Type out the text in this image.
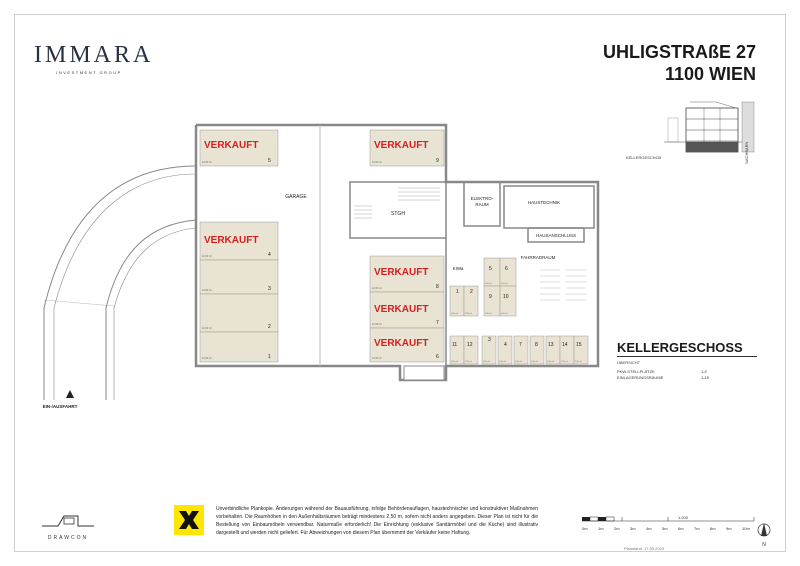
IMMARA
INVESTMENT GROUP
UHLIGSTRAßE 27
1100 WIEN
KELLERGESCHOß	NACHBARN
GARAGE
STGH
ELEKTRO-
RAUM	HAUSTECHNIK
HAUSANSCHLUSS
FAHRRADRAUM
KIWa
EIN-/AUSFAHRT
VERKAUFT	VERKAUFT
VERKAUFT
VERKAUFT
VERKAUFT
VERKAUFT
5
4
3
2
1
9
8
7
6
12,50 m²
12,50 m²
12,50 m²
12,50 m²
12,50 m²
12,50 m²
12,50 m²
12,50 m²
12,50 m²
1 2
3
4
5	6
7	8
9 10
11 12	13 14 15
2,60 m²	2,60 m²
2,60 m²	2,60 m²
2,60 m²	2,60 m²
2,60 m²	2,60 m²	2,60 m²	2,60 m²	2,60 m²	2,60 m²	2,60 m²	2,60 m²	2,60 m²
KELLERGESCHOSS
ÜBERSICHT
PKW-STELLPLÄTZE	1-9
EINLAGERUNGSRÄUME	1-15
Unverbindliche Plankopie. Änderungen während der Bauausführung, infolge Behördenauflagen, haustechnischer und konstruktiver Maßnahmen vorbehalten. Die Raumhöhen in den Außenhaltsräumen beträgt mindestens 2,50 m, sofern nicht anders angegeben. Dieser Plan ist nicht für die Bestellung von Einbaumöbeln verwendbar. Naturmaße erforderlich! Die Einrichtung (exklusive Sanitärmöbel und die Küche) sind illustrativ dargestellt und werden nicht geliefert. Für Abweichungen von diesem Plan übernimmt der Verkäufer keine Haftung.
DRAWCON
1:200
0m	1m	2m	3m	4m	5m	6m	7m	8m	9m	10m
Planstand: 17.03.2023
N
